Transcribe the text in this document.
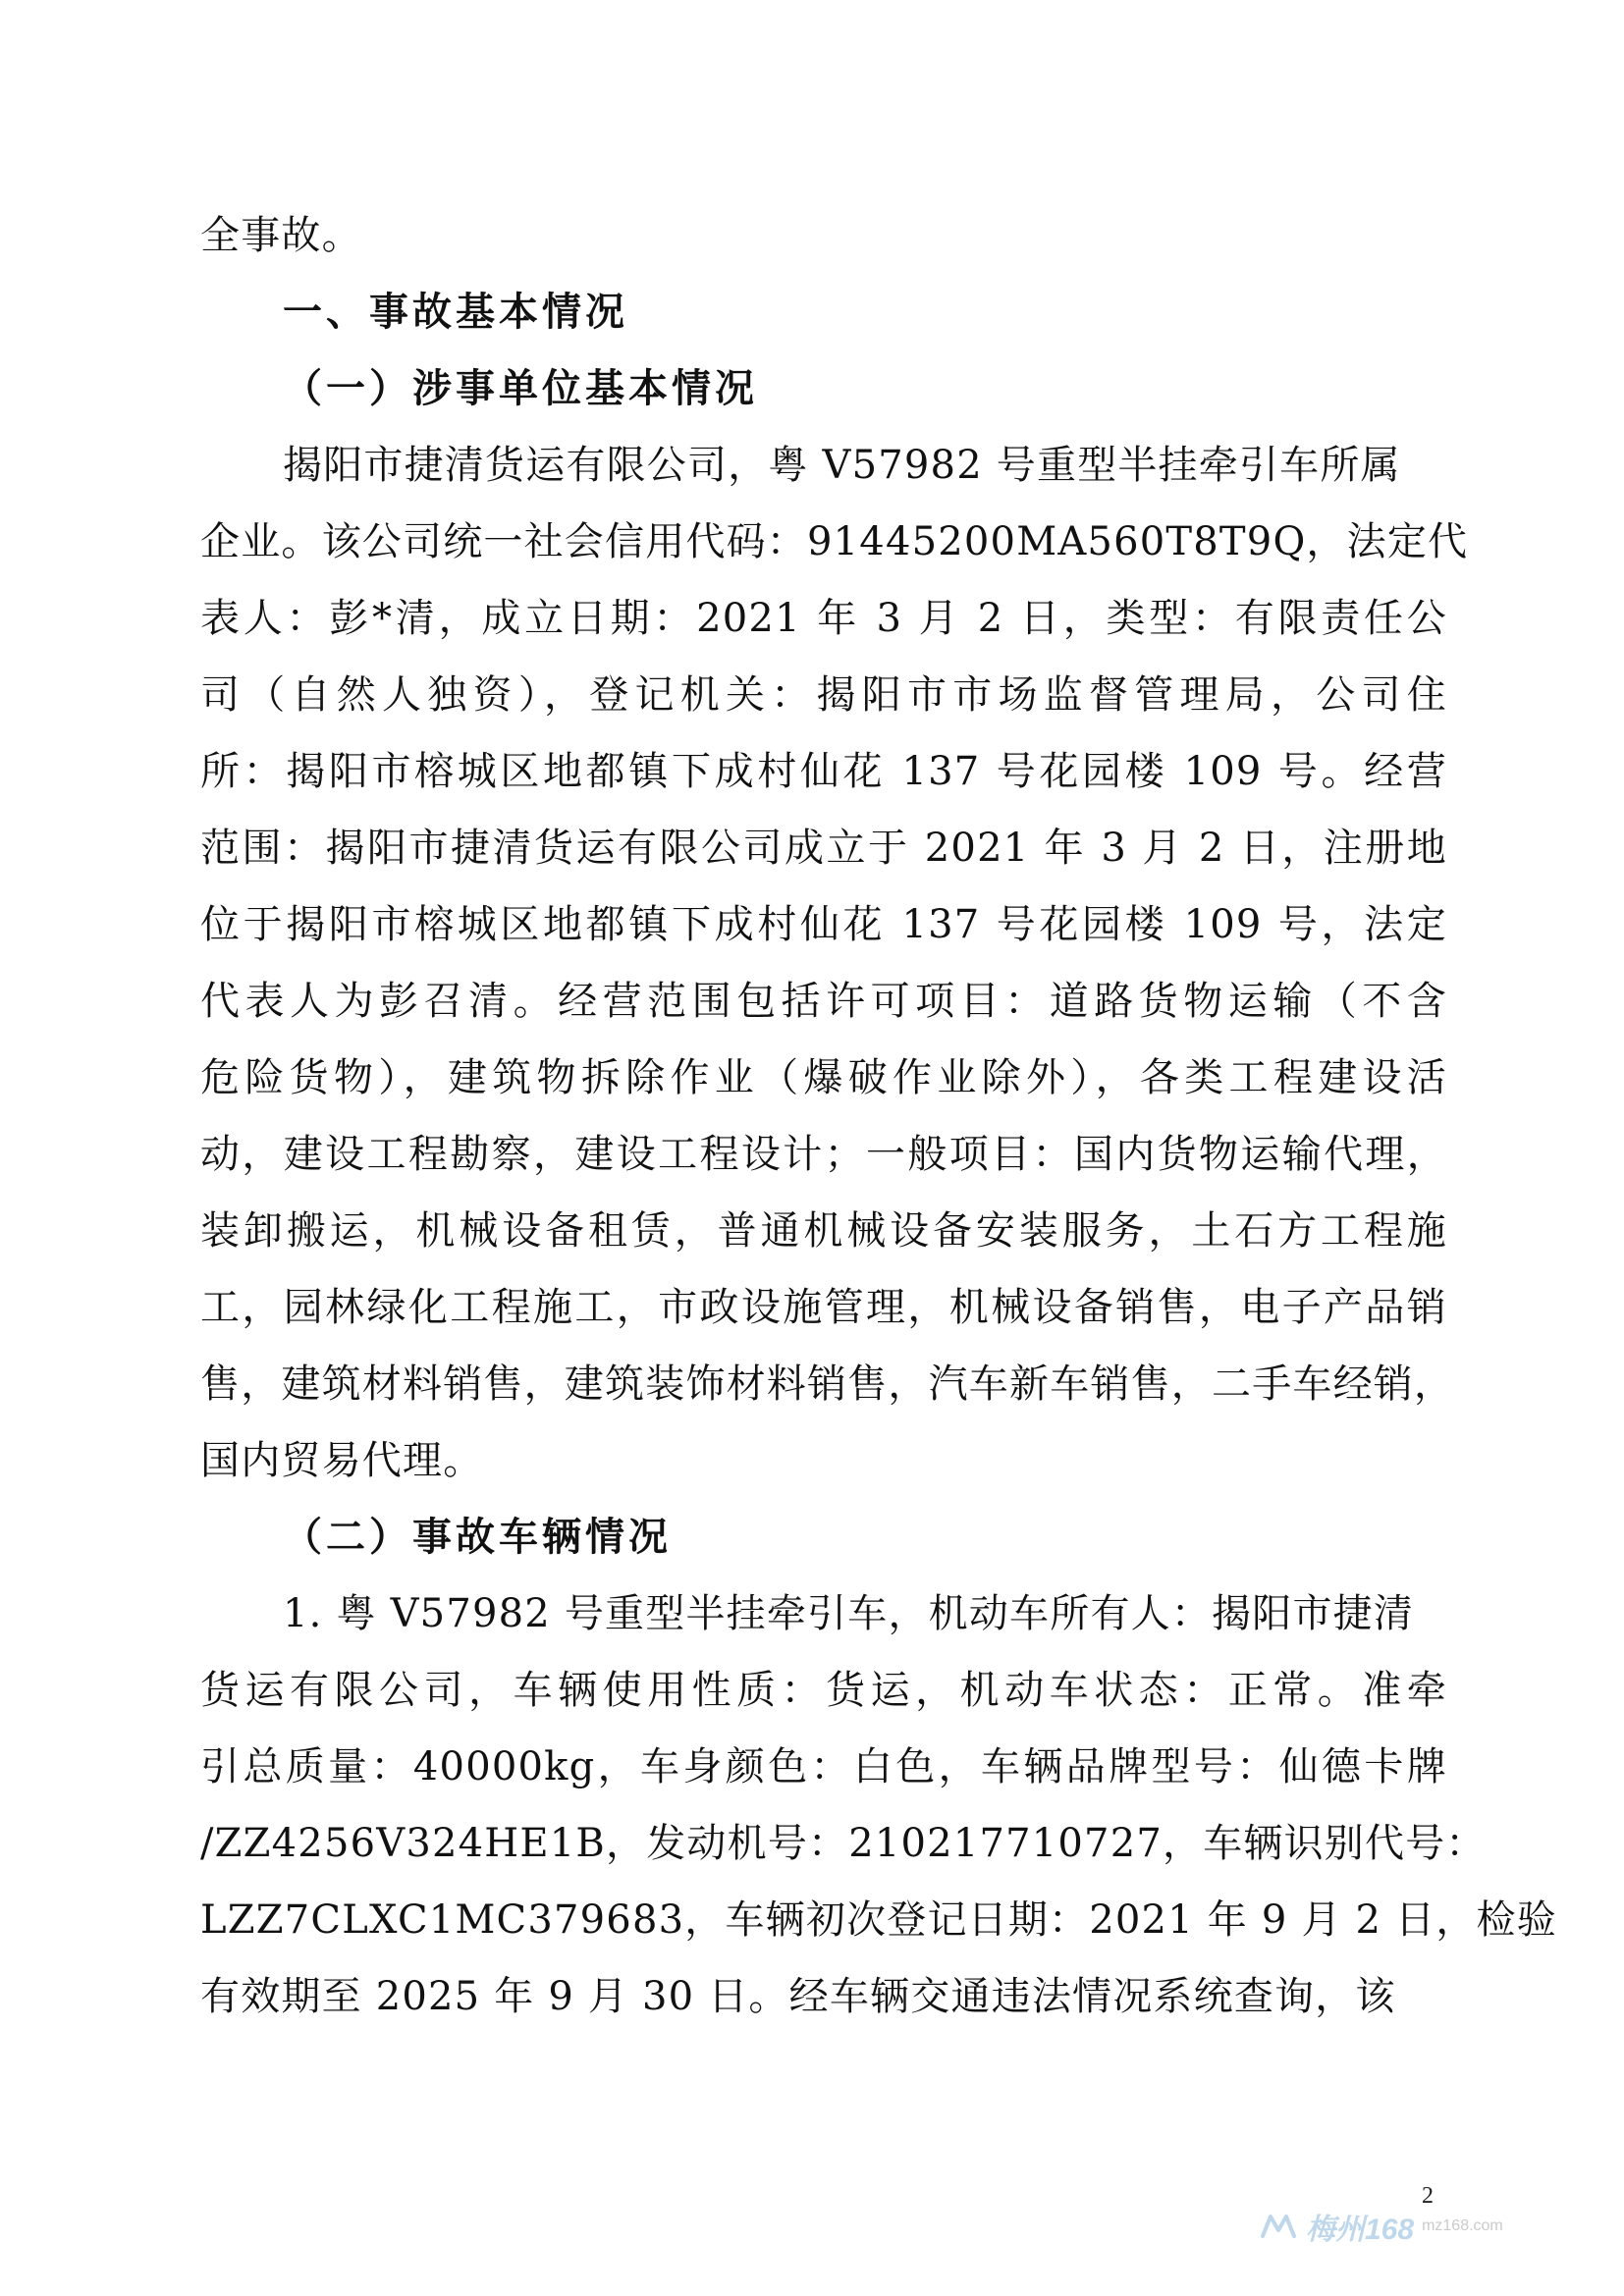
全事故。
一、事故基本情况
（一）涉事单位基本情况
揭阳市捷清货运有限公司，粤 V57982 号重型半挂牵引车所属
企业。该公司统一社会信用代码：91445200MA560T8T9Q，法定代
表人：彭*清，成立日期：2021 年 3 月 2 日，类型：有限责任公
司（自然人独资），登记机关：揭阳市市场监督管理局，公司住
所：揭阳市榕城区地都镇下成村仙花 137 号花园楼 109 号。经营
范围：揭阳市捷清货运有限公司成立于 2021 年 3 月 2 日，注册地
位于揭阳市榕城区地都镇下成村仙花 137 号花园楼 109 号，法定
代表人为彭召清。经营范围包括许可项目：道路货物运输（不含
危险货物），建筑物拆除作业（爆破作业除外），各类工程建设活
动，建设工程勘察，建设工程设计；一般项目：国内货物运输代理，
装卸搬运，机械设备租赁，普通机械设备安装服务，土石方工程施
工，园林绿化工程施工，市政设施管理，机械设备销售，电子产品销
售，建筑材料销售，建筑装饰材料销售，汽车新车销售，二手车经销，
国内贸易代理。
（二）事故车辆情况
1. 粤 V57982 号重型半挂牵引车，机动车所有人：揭阳市捷清
货运有限公司，车辆使用性质：货运，机动车状态：正常。准牵
引总质量：40000kg，车身颜色：白色，车辆品牌型号：仙德卡牌
/ZZ4256V324HE1B，发动机号：210217710727，车辆识别代号：
LZZ7CLXC1MC379683，车辆初次登记日期：2021 年 9 月 2 日，检验
有效期至 2025 年 9 月 30 日。经车辆交通违法情况系统查询，该
2
梅州168 mz168.com
